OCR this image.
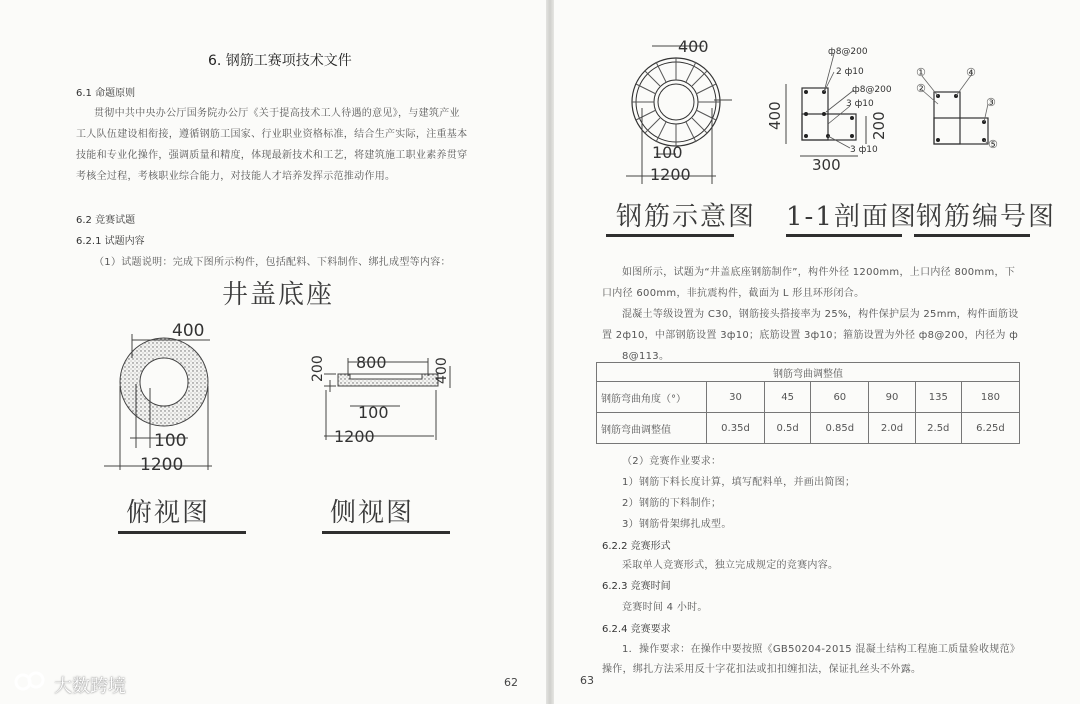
6. 钢筋工赛项技术文件
6.1 命题原则
贯彻中共中央办公厅国务院办公厅《关于提高技术工人待遇的意见》，与建筑产业
工人队伍建设相衔接，遵循钢筋工国家、行业职业资格标准，结合生产实际，注重基本
技能和专业化操作，强调质量和精度，体现最新技术和工艺，将建筑施工职业素养贯穿
考核全过程，考核职业综合能力，对技能人才培养发挥示范推动作用。
6.2 竞赛试题
6.2.1 试题内容
（1）试题说明：完成下图所示构件，包括配料、下料制作、绑扎成型等内容：
井盖底座
400
100
1200
俯视图
800
100
1200
200	400
侧视图
62
大数跨境
400
100
1200
钢筋示意图
ф8@200
2 ф10
ф8@200
3 ф10
3 ф10
400	200
300
1-1剖面图
①
②
③
④
⑤
钢筋编号图
如图所示，试题为“井盖底座钢筋制作”，构件外径 1200mm，上口内径 800mm，下
口内径 600mm，非抗震构件，截面为 L 形且环形闭合。
混凝土等级设置为 C30，钢筋接头搭接率为 25%，构件保护层为 25mm，构件面筋设
置 2ф10，中部钢筋设置 3ф10；底筋设置 3ф10；箍筋设置为外径 ф8@200，内径为 ф
8@113。
钢筋弯曲调整值						
钢筋弯曲角度（°）	30	45	60	90	135	180
钢筋弯曲调整值	0.35d	0.5d	0.85d	2.0d	2.5d	6.25d
（2）竞赛作业要求：
1）钢筋下料长度计算，填写配料单，并画出简图；
2）钢筋的下料制作；
3）钢筋骨架绑扎成型。
6.2.2 竞赛形式
采取单人竞赛形式，独立完成规定的竞赛内容。
6.2.3 竞赛时间
竞赛时间 4 小时。
6.2.4 竞赛要求
1．操作要求：在操作中要按照《GB50204-2015 混凝土结构工程施工质量验收规范》
操作，绑扎方法采用反十字花扣法或扣扣缠扣法，保证扎丝头不外露。
63
